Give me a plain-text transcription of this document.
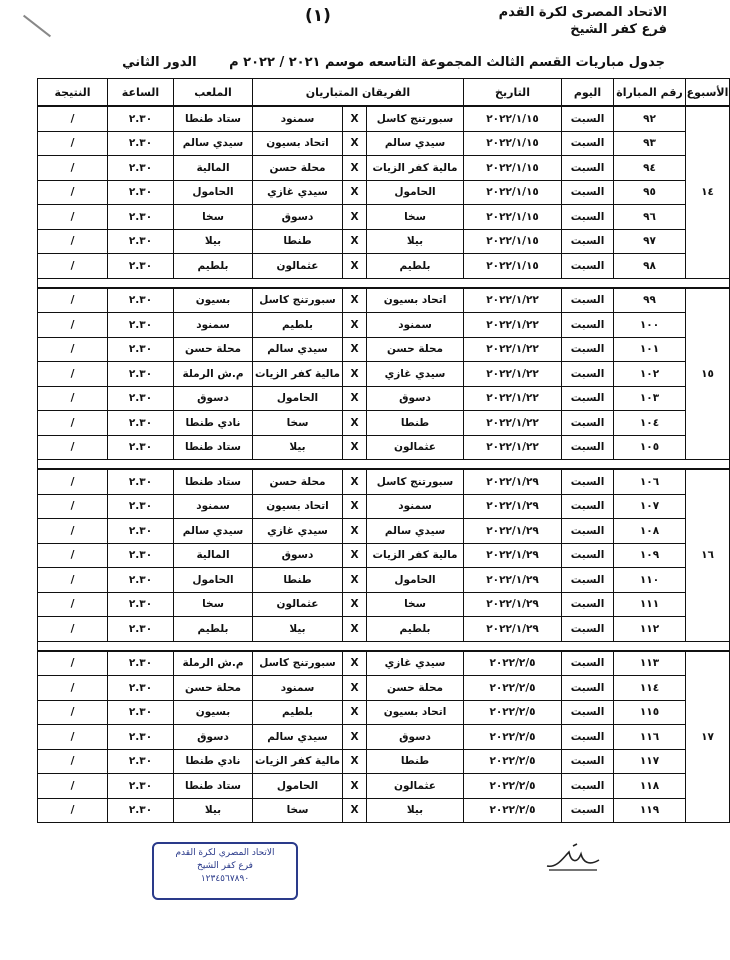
الاتحاد المصرى لكرة القدم
فرع كفر الشيخ
(١)
جدول مباريات القسم الثالث المجموعة التاسعه موسم ٢٠٢١ / ٢٠٢٢ م الدور الثاني
الأسبوع	رقم المباراة	اليوم	التاريخ	الفريقان المتباريان			الملعب	الساعة	النتيجة
١٤	٩٢	السبت	٢٠٢٢/١/١٥	سبورتنج كاسل	X	سمنود	ستاد طنطا	٢.٣٠	/
	٩٣	السبت	٢٠٢٢/١/١٥	سيدي سالم	X	اتحاد بسيون	سيدي سالم	٢.٣٠	/
	٩٤	السبت	٢٠٢٢/١/١٥	مالية كفر الزيات	X	محلة حسن	المالية	٢.٣٠	/
	٩٥	السبت	٢٠٢٢/١/١٥	الحامول	X	سيدي غازي	الحامول	٢.٣٠	/
	٩٦	السبت	٢٠٢٢/١/١٥	سخا	X	دسوق	سخا	٢.٣٠	/
	٩٧	السبت	٢٠٢٢/١/١٥	بيلا	X	طنطا	بيلا	٢.٣٠	/
	٩٨	السبت	٢٠٢٢/١/١٥	بلطيم	X	عثمالون	بلطيم	٢.٣٠	/

١٥	٩٩	السبت	٢٠٢٢/١/٢٢	اتحاد بسيون	X	سبورتنج كاسل	بسيون	٢.٣٠	/
	١٠٠	السبت	٢٠٢٢/١/٢٢	سمنود	X	بلطيم	سمنود	٢.٣٠	/
	١٠١	السبت	٢٠٢٢/١/٢٢	محلة حسن	X	سيدي سالم	محلة حسن	٢.٣٠	/
	١٠٢	السبت	٢٠٢٢/١/٢٢	سيدي غازي	X	مالية كفر الزيات	م.ش الرملة	٢.٣٠	/
	١٠٣	السبت	٢٠٢٢/١/٢٢	دسوق	X	الحامول	دسوق	٢.٣٠	/
	١٠٤	السبت	٢٠٢٢/١/٢٢	طنطا	X	سخا	نادي طنطا	٢.٣٠	/
	١٠٥	السبت	٢٠٢٢/١/٢٢	عثمالون	X	بيلا	ستاد طنطا	٢.٣٠	/

١٦	١٠٦	السبت	٢٠٢٢/١/٢٩	سبورتنج كاسل	X	محلة حسن	ستاد طنطا	٢.٣٠	/
	١٠٧	السبت	٢٠٢٢/١/٢٩	سمنود	X	اتحاد بسيون	سمنود	٢.٣٠	/
	١٠٨	السبت	٢٠٢٢/١/٢٩	سيدي سالم	X	سيدي غازي	سيدي سالم	٢.٣٠	/
	١٠٩	السبت	٢٠٢٢/١/٢٩	مالية كفر الزيات	X	دسوق	المالية	٢.٣٠	/
	١١٠	السبت	٢٠٢٢/١/٢٩	الحامول	X	طنطا	الحامول	٢.٣٠	/
	١١١	السبت	٢٠٢٢/١/٢٩	سخا	X	عثمالون	سخا	٢.٣٠	/
	١١٢	السبت	٢٠٢٢/١/٢٩	بلطيم	X	بيلا	بلطيم	٢.٣٠	/

١٧	١١٣	السبت	٢٠٢٢/٢/٥	سيدي غازي	X	سبورتنج كاسل	م.ش الرملة	٢.٣٠	/
	١١٤	السبت	٢٠٢٢/٢/٥	محلة حسن	X	سمنود	محلة حسن	٢.٣٠	/
	١١٥	السبت	٢٠٢٢/٢/٥	اتحاد بسيون	X	بلطيم	بسيون	٢.٣٠	/
	١١٦	السبت	٢٠٢٢/٢/٥	دسوق	X	سيدي سالم	دسوق	٢.٣٠	/
	١١٧	السبت	٢٠٢٢/٢/٥	طنطا	X	مالية كفر الزيات	نادي طنطا	٢.٣٠	/
	١١٨	السبت	٢٠٢٢/٢/٥	عثمالون	X	الحامول	ستاد طنطا	٢.٣٠	/
	١١٩	السبت	٢٠٢٢/٢/٥	بيلا	X	سخا	بيلا	٢.٣٠	/
الاتحاد المصري لكرة القدم
فرع كفر الشيخ
١٢٣٤٥٦٧٨٩٠
